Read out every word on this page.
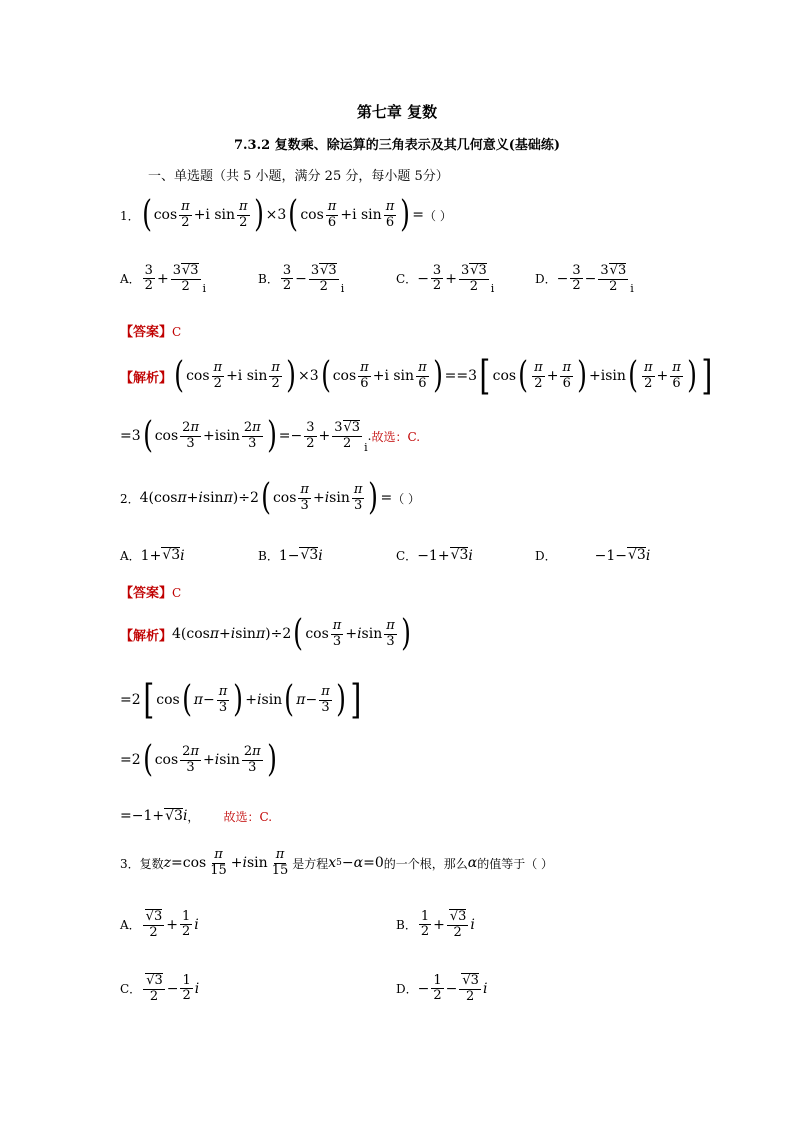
第七章 复数
7.3.2 复数乘、除运算的三角表示及其几何意义(基础练)
一、单选题（共 5 小题，满分 25 分，每小题 5分）
1． ( $\cos \frac{\pi}{2} +i$ $\sin \frac{\pi}{2}$ ) ×3 ( $\cos \frac{\pi}{6} +i$ $\sin \frac{\pi}{6}$ ) = （ ）
A． $\frac{3}{2} + \frac{3√3}{2}$ i
B． $\frac{3}{2} - \frac{3√3}{2}$ i
C． − $\frac{3}{2} + \frac{3√3}{2}$ i
D． − $\frac{3}{2} - \frac{3√3}{2}$ i
【答案】C
【解析】 ( $\cos \frac{\pi}{2} +i$ $\sin \frac{\pi}{2}$ ) ×3 ( $\cos \frac{\pi}{6} +i$ $\sin \frac{\pi}{6}$ ) ==3 [ cos ( $\frac{\pi}{2} + \frac{\pi}{6}$ ) +isin ( $\frac{\pi}{2} + \frac{\pi}{6}$ ) ]
=3 ( $\cos \frac{2\pi}{3} +isin \frac{2\pi}{3}$ ) =− $\frac{3}{2} + \frac{3√3}{2}$ i
. 故选：C.
2． 4(cos π + i sin π )÷2 ( $\cos \frac{\pi}{3} + i$ $\sin \frac{\pi}{3}$ ) = （ ）
A． 1+ √3 i	B． 1− √3 i	C． −1+ √3 i	D．	−1− √3 i
【答案】C
【解析】 4(cos π + i sin π )÷2 ( $\cos \frac{\pi}{3} + i$ $\sin \frac{\pi}{3}$ )
=2 [ cos ( $\pi - \frac{\pi}{3}$ ) + i sin ( $\pi - \frac{\pi}{3}$ ) ]
=2 ( $\cos \frac{2\pi}{3} + i$ $\sin \frac{2\pi}{3}$ )
=−1+ √3 i ， 故选：C.
3． 复数 $z =\cos \frac{\pi}{15} + i$ $\sin \frac{\pi}{15}$ 是方程 x 5 − α =0 的一个根，那么 α 的值等于（ ）
A． $\frac{√3}{2} + \frac{1}{2}$ i	B． $\frac{1}{2} + \frac{√3}{2}$ i
C． $\frac{√3}{2} - \frac{1}{2}$ i	D． − $\frac{1}{2} - \frac{√3}{2}$ i
